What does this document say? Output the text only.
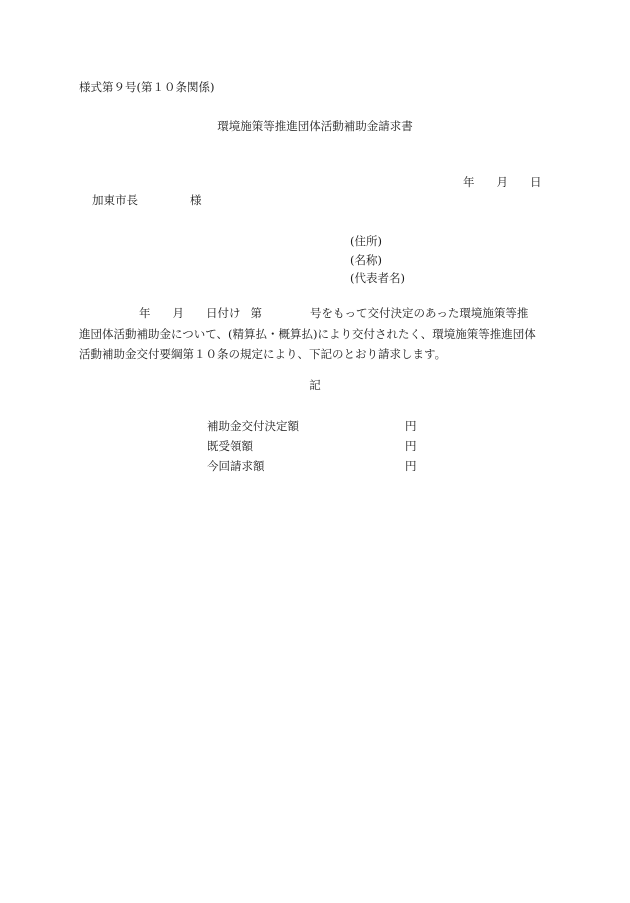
様式第９号(第１０条関係)
環境施策等推進団体活動補助金請求書
年 月 日
加東市長	様
(住所)
(名称)
(代表者名)
年 月 日付け 第	号をもって交付決定のあった環境施策等推
進団体活動補助金について、(精算払・概算払)により交付されたく、環境施策等推進団体
活動補助金交付要綱第１０条の規定により、下記のとおり請求します。
記
補助金交付決定額	円
既受領額	円
今回請求額	円
